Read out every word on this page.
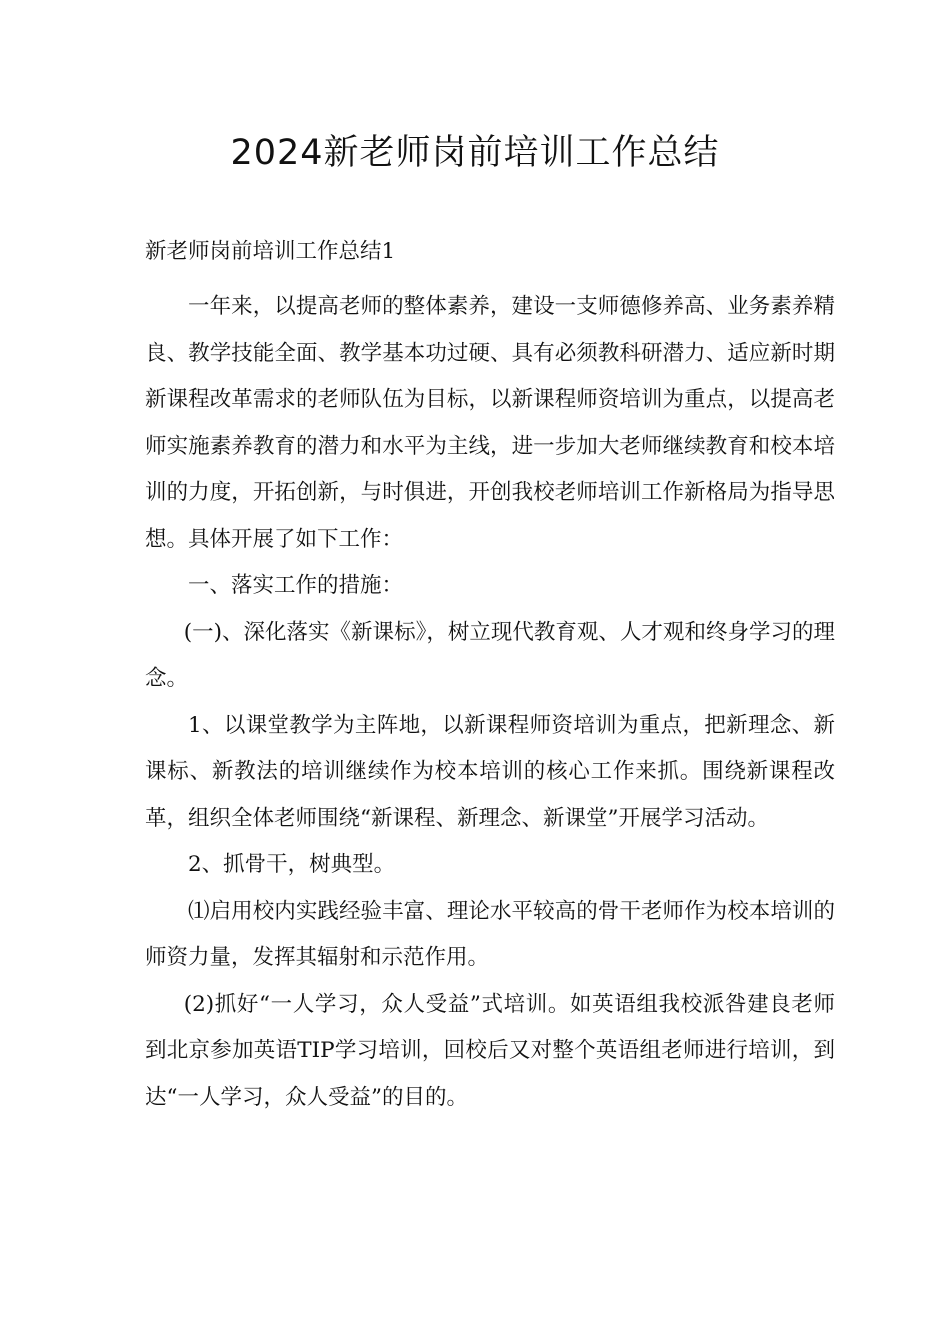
2024新老师岗前培训工作总结
新老师岗前培训工作总结1

一年来，以提高老师的整体素养，建设一支师德修养高、业务素养精良、教学技能全面、教学基本功过硬、具有必须教科研潜力、适应新时期新课程改革需求的老师队伍为目标，以新课程师资培训为重点，以提高老师实施素养教育的潜力和水平为主线，进一步加大老师继续教育和校本培训的力度，开拓创新，与时俱进，开创我校老师培训工作新格局为指导思想。具体开展了如下工作：

一、落实工作的措施：

(一)、深化落实《新课标》，树立现代教育观、人才观和终身学习的理念。

1、以课堂教学为主阵地，以新课程师资培训为重点，把新理念、新课标、新教法的培训继续作为校本培训的核心工作来抓。围绕新课程改革，组织全体老师围绕“新课程、新理念、新课堂”开展学习活动。

2、抓骨干，树典型。

⑴启用校内实践经验丰富、理论水平较高的骨干老师作为校本培训的师资力量，发挥其辐射和示范作用。

(2)抓好“一人学习，众人受益”式培训。如英语组我校派咎建良老师到北京参加英语TIP学习培训，回校后又对整个英语组老师进行培训，到达“一人学习，众人受益”的目的。
